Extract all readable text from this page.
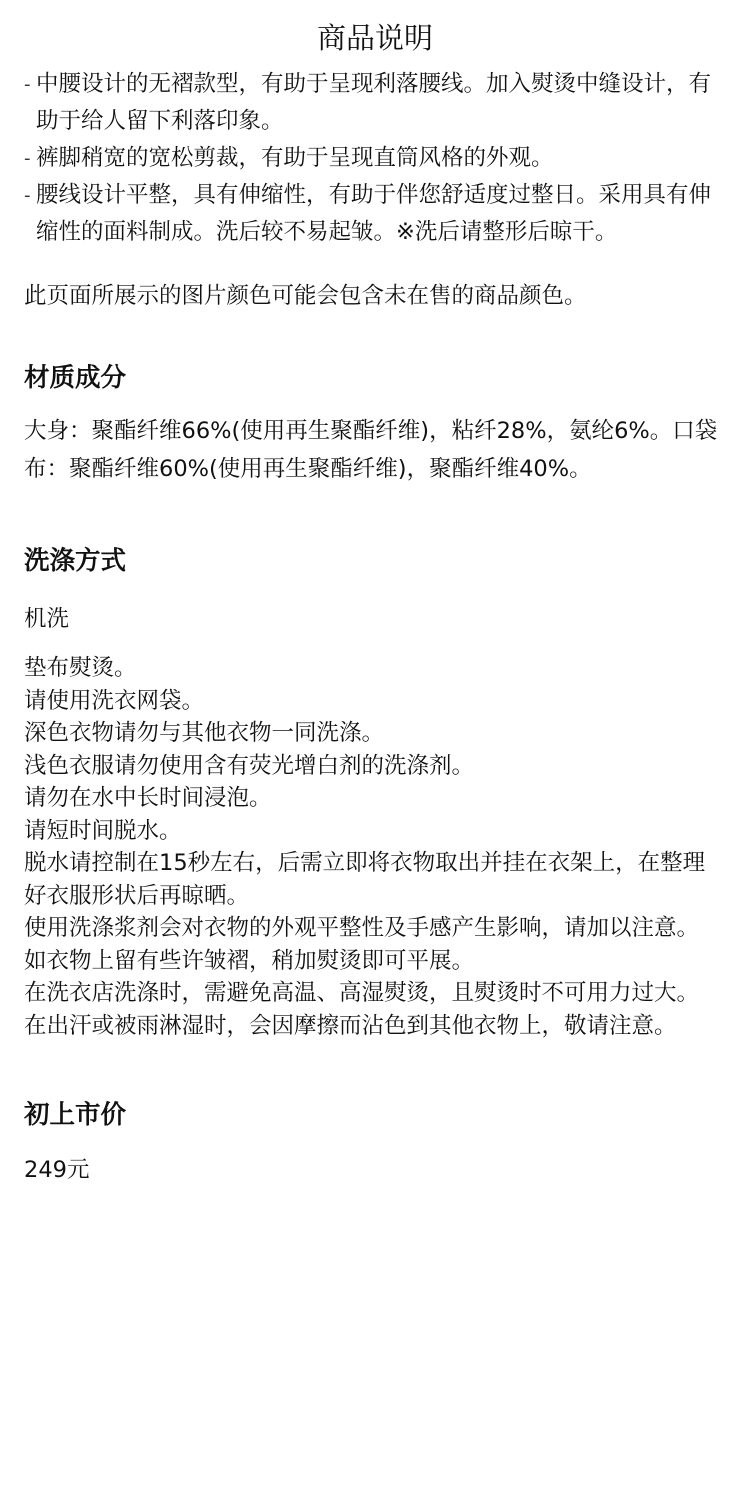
商品说明
- 中腰设计的无褶款型，有助于呈现利落腰线。加入熨烫中缝设计，有助于给人留下利落印象。
- 裤脚稍宽的宽松剪裁，有助于呈现直筒风格的外观。
- 腰线设计平整，具有伸缩性，有助于伴您舒适度过整日。采用具有伸缩性的面料制成。洗后较不易起皱。※洗后请整形后晾干。

此页面所展示的图片颜色可能会包含未在售的商品颜色。

材质成分

大身：聚酯纤维66%(使用再生聚酯纤维)，粘纤28%，氨纶6%。口袋布：聚酯纤维60%(使用再生聚酯纤维)，聚酯纤维40%。

洗涤方式

机洗

垫布熨烫。
请使用洗衣网袋。
深色衣物请勿与其他衣物一同洗涤。
浅色衣服请勿使用含有荧光增白剂的洗涤剂。
请勿在水中长时间浸泡。
请短时间脱水。
脱水请控制在15秒左右，后需立即将衣物取出并挂在衣架上，在整理好衣服形状后再晾晒。
使用洗涤浆剂会对衣物的外观平整性及手感产生影响，请加以注意。
如衣物上留有些许皱褶，稍加熨烫即可平展。
在洗衣店洗涤时，需避免高温、高湿熨烫，且熨烫时不可用力过大。
在出汗或被雨淋湿时，会因摩擦而沾色到其他衣物上，敬请注意。
初上市价

249元
